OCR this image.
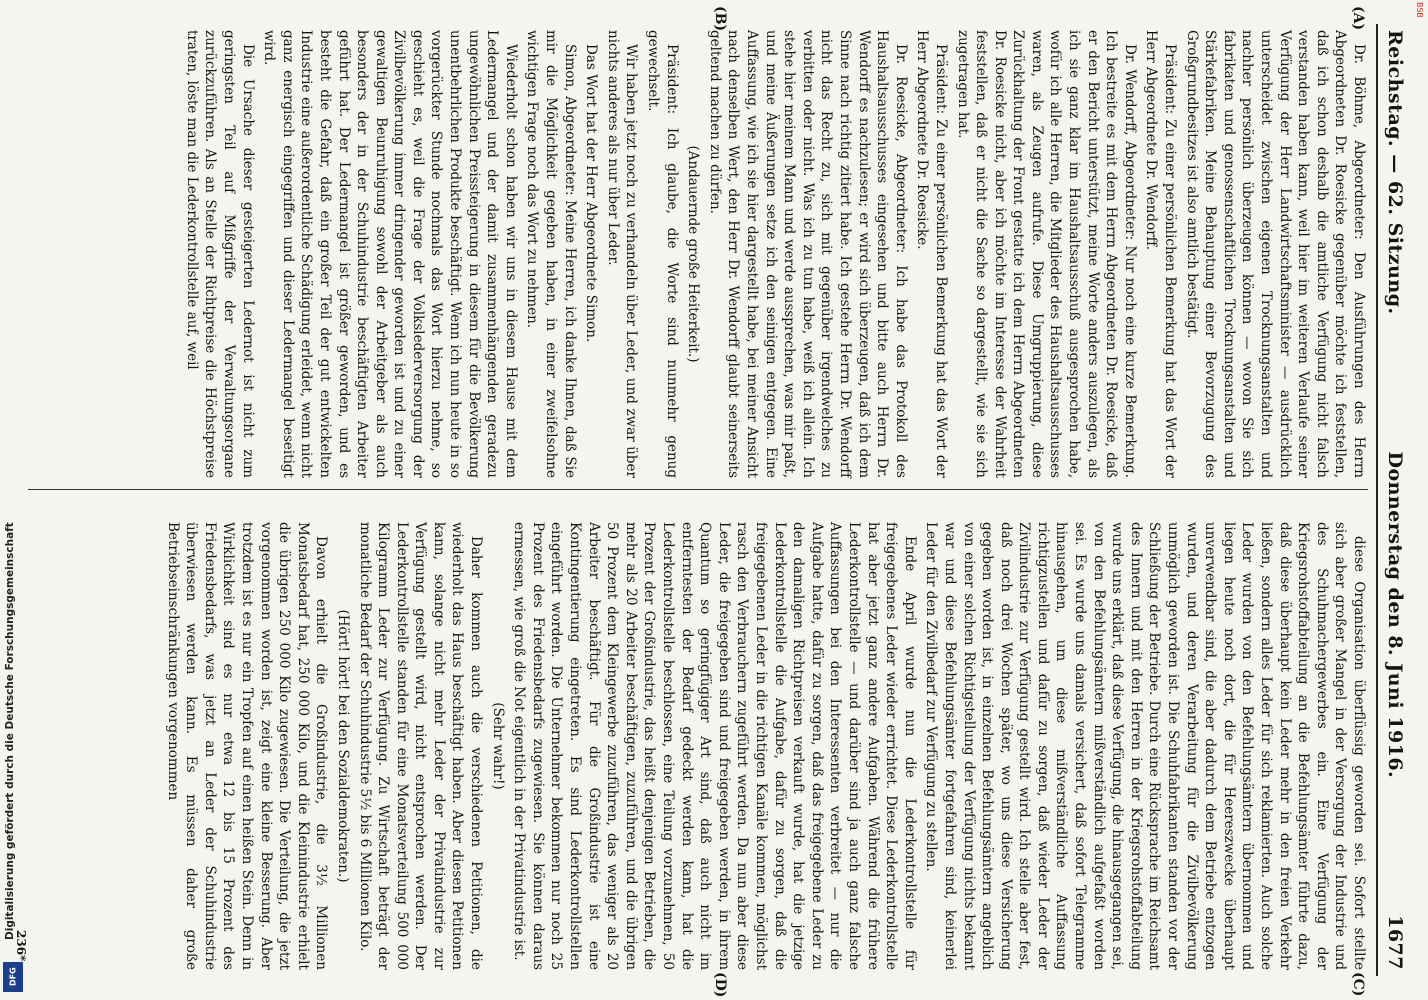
Reichstag. — 62. Sitzung.
Donnerstag den 8. Juni 1916.
1677
(A)
(B)
(C)
(D)

Dr. Böhme, Abgeordneter: Den Ausführungen des Herrn Abgeordneten Dr. Roesicke gegenüber möchte ich feststellen, daß ich schon deshalb die amtliche Verfügung nicht falsch verstanden haben kann, weil hier im weiteren Verlaufe seiner Verfügung der Herr Landwirtschaftsminister — ausdrücklich unterscheidet zwischen eigenen Trocknungsanstalten und nachher persönlich überzeugen können — wovon Sie sich fabrikaten und genossenschaftlichen Trocknungsanstalten und Stärkefabriken. Meine Behauptung einer Bevorzugung des Großgrundbesitzes ist also amtlich bestätigt.

Präsident: Zu einer persönlichen Bemerkung hat das Wort der Herr Abgeordnete Dr. Wendorff.

Dr. Wendorff, Abgeordneter: Nur noch eine kurze Bemerkung. Ich bestreite es mit dem Herrn Abgeordneten Dr. Roesicke, daß er den Bericht unterstützt, meine Worte anders auszulegen, als ich sie ganz klar im Haushaltsausschuß ausgesprochen habe, wofür ich alle Herren, die Mitglieder des Haushaltsausschusses waren, als Zeugen aufrufe. Diese Umgruppierung, diese Zurückhaltung der Front gestatte ich dem Herrn Abgeordneten Dr. Roesicke nicht, aber ich möchte im Interesse der Wahrheit feststellen, daß er nicht die Sache so dargestellt, wie sie sich zugetragen hat.

Präsident: Zu einer persönlichen Bemerkung hat das Wort der Herr Abgeordnete Dr. Roesicke.

Dr. Roesicke, Abgeordneter: Ich habe das Protokoll des Haushaltsausschusses eingesehen und bitte auch Herrn Dr. Wendorff es nachzulesen; er wird sich überzeugen, daß ich dem Sinne nach richtig zitiert habe. Ich gestehe Herrn Dr. Wendorff nicht das Recht zu, sich mit gegenüber irgendwelches zu verbitten oder nicht. Was ich zu tun habe, weiß ich allein. Ich stehe hier meinem Mann und werde aussprechen, was mir paßt, und meine Äußerungen setze ich den seinigen entgegen. Eine Auffassung, wie ich sie hier dargestellt habe, bei meiner Ansicht nach denselben Wert, den Herr Dr. Wendorff glaubt seinerseits geltend machen zu dürfen.

(Andauernde große Heiterkeit.)

Präsident: Ich glaube, die Worte sind nunmehr genug gewechselt.

Wir haben jetzt noch zu verhandeln über Leder, und zwar über nichts anderes als nur über Leder.

Das Wort hat der Herr Abgeordnete Simon.

Simon, Abgeordneter: Meine Herren, ich danke Ihnen, daß Sie mir die Möglichkeit gegeben haben, in einer zweifelsohne wichtigen Frage noch das Wort zu nehmen.

Wiederholt schon haben wir uns in diesem Hause mit dem Ledermangel und der damit zusammenhängenden geradezu ungewöhnlichen Preissteigerung in diesem für die Bevölkerung unentbehrlichen Produkte beschäftigt. Wenn ich nun heute in so vorgerückter Stunde nochmals das Wort hierzu nehme, so geschieht es, weil die Frage der Volkslederversorgung der Zivilbevölkerung immer dringender geworden ist und zu einer gewaltigen Beunruhigung sowohl der Arbeitgeber als auch besonders der in der Schuhindustrie beschäftigten Arbeiter geführt hat. Der Ledermangel ist größer geworden, und es besteht die Gefahr, daß ein großer Teil der gut entwickelten Industrie eine außerordentliche Schädigung erleidet, wenn nicht ganz energisch eingegriffen und dieser Ledermangel beseitigt wird.

Die Ursache dieser gesteigerten Ledernot ist nicht zum geringsten Teil auf Mißgriffe der Verwaltungsorgane zurückzuführen. Als an Stelle der Richtpreise die Höchstpreise traten, löste man die Lederkontrollstelle auf, weil

diese Organisation überflüssig geworden sei. Sofort stellte sich aber großer Mangel in der Versorgung der Industrie und des Schuhmachergewerbes ein. Eine Verfügung der Kriegsrohstoffabteilung an die Befehlungsämter führte dazu, daß diese überhaupt kein Leder mehr in den freien Verkehr ließen, sondern alles Leder für sich reklamierten. Auch solche Leder wurden von den Befehlungsämtern übernommen und liegen heute noch dort, die für Heereszwecke überhaupt unverwendbar sind, die aber dadurch dem Betriebe entzogen wurden, und deren Verarbeitung für die Zivilbevölkerung unmöglich geworden ist. Die Schuhfabrikanten standen vor der Schließung der Betriebe. Durch eine Rücksprache im Reichsamt des Innern und mit den Herren in der Kriegsrohstoffabteilung wurde uns erklärt, daß diese Verfügung, die hinausgegangen sei, von den Befehlungsämtern mißverständlich aufgefaßt worden sei. Es wurde uns damals versichert, daß sofort Telegramme hinausgehen, um diese mißverständliche Auffassung richtigzustellen und dafür zu sorgen, daß wieder Leder der Zivilindustrie zur Verfügung gestellt wird. Ich stelle aber fest, daß noch drei Wochen später, wo uns diese Versicherung gegeben worden ist, in einzelnen Befehlungsämtern angeblich von einer solchen Richtigstellung der Verfügung nichts bekannt war und diese Befehlungsämter fortgefahren sind, keinerlei Leder für den Zivilbedarf zur Verfügung zu stellen.

Ende April wurde nun die Lederkontrollstelle für freigegebenes Leder wieder errichtet. Diese Lederkontrollstelle hat aber jetzt ganz andere Aufgaben. Während die frühere Lederkontrollstelle — und darüber sind ja auch ganz falsche Auffassungen bei den Interessenten verbreitet — nur die Aufgabe hatte, dafür zu sorgen, daß das freigegebene Leder zu den damaligen Richtpreisen verkauft wurde, hat die jetzige Lederkontrollstelle die Aufgabe, dafür zu sorgen, daß die freigegebenen Leder in die richtigen Kanäle kommen, möglichst rasch den Verbrauchern zugeführt werden. Da nun aber diese Leder, die freigegeben sind und freigegeben werden, in ihrem Quantum so geringfügiger Art sind, daß auch nicht im entferntesten der Bedarf gedeckt werden kann, hat die Lederkontrollstelle beschlossen, eine Teilung vorzunehmen, 50 Prozent der Großindustrie, das heißt denjenigen Betrieben, die mehr als 20 Arbeiter beschäftigen, zuzuführen, und die übrigen 50 Prozent dem Kleingewerbe zuzuführen, das weniger als 20 Arbeiter beschäftigt. Für die Großindustrie ist eine Kontingentierung eingetreten. Es sind Lederkontrollstellen eingeführt worden. Die Unternehmer bekommen nur noch 25 Prozent des Friedensbedarfs zugewiesen. Sie können daraus ermessen, wie groß die Not eigentlich in der Privatindustrie ist.

(Sehr wahr!)

Daher kommen auch die verschiedenen Petitionen, die wiederholt das Haus beschäftigt haben. Aber diesen Petitionen kann, solange nicht mehr Leder der Privatindustrie zur Verfügung gestellt wird, nicht entsprochen werden. Der Lederkontrollstelle standen für eine Monatsverteilung 500 000 Kilogramm Leder zur Verfügung. Zu Wirtschaft beträgt der monatliche Bedarf der Schuhindustrie 5½ bis 6 Millionen Kilo.

(Hört! hört! bei den Sozialdemokraten.)

Davon erhielt die Großindustrie, die 3½ Millionen Monatsbedarf hat, 250 000 Kilo, und die Kleinindustrie erhielt die übrigen 250 000 Kilo zugewiesen. Die Verteilung, die jetzt vorgenommen worden ist, zeigt eine kleine Besserung. Aber trotzdem ist es nur ein Tropfen auf einen heißen Stein. Denn in Wirklichkeit sind es nur etwa 12 bis 15 Prozent des Friedensbedarfs, was jetzt an Leder der Schuhindustrie überwiesen werden kann. Es müssen daher große Betriebseinschränkungen vorgenommen

236*
Digitalisierung gefördert durch die Deutsche Forschungsgemeinschaft
DFG
BSB
